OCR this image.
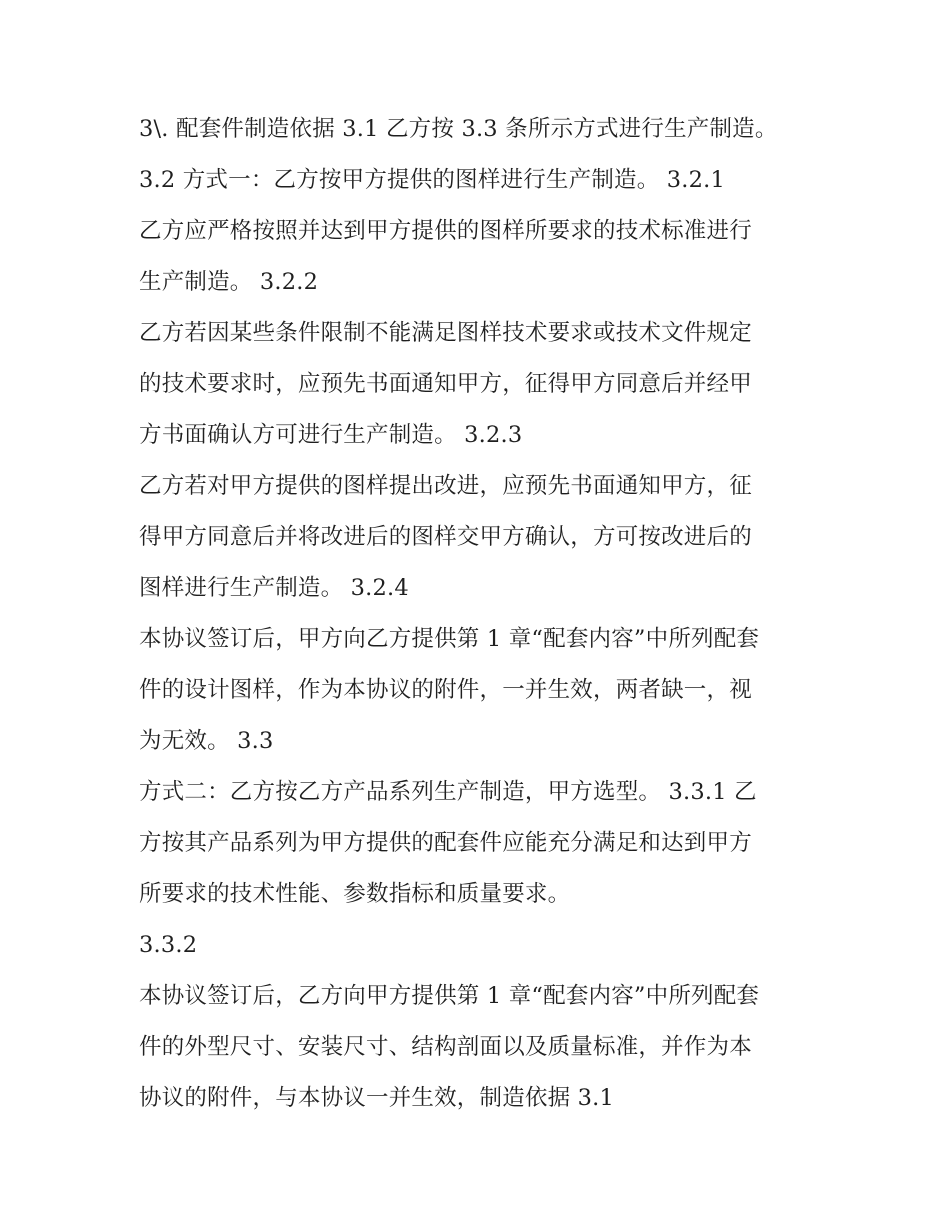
3\. 配套件制造依据 3.1 乙方按 3.3 条所示方式进行生产制造。
3.2 方式一：乙方按甲方提供的图样进行生产制造。 3.2.1
乙方应严格按照并达到甲方提供的图样所要求的技术标准进行
生产制造。 3.2.2
乙方若因某些条件限制不能满足图样技术要求或技术文件规定
的技术要求时，应预先书面通知甲方，征得甲方同意后并经甲
方书面确认方可进行生产制造。 3.2.3
乙方若对甲方提供的图样提出改进，应预先书面通知甲方，征
得甲方同意后并将改进后的图样交甲方确认，方可按改进后的
图样进行生产制造。 3.2.4
本协议签订后，甲方向乙方提供第 1 章“配套内容”中所列配套
件的设计图样，作为本协议的附件，一并生效，两者缺一，视
为无效。 3.3
方式二：乙方按乙方产品系列生产制造，甲方选型。 3.3.1 乙
方按其产品系列为甲方提供的配套件应能充分满足和达到甲方
所要求的技术性能、参数指标和质量要求。
3.3.2
本协议签订后，乙方向甲方提供第 1 章“配套内容”中所列配套
件的外型尺寸、安装尺寸、结构剖面以及质量标准，并作为本
协议的附件，与本协议一并生效，制造依据 3.1
